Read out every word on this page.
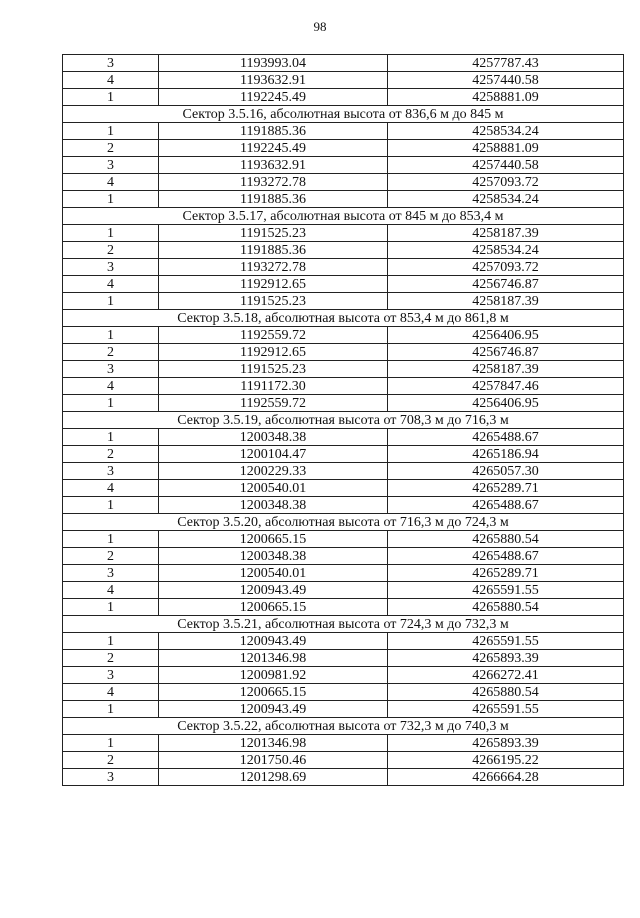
98
3	1193993.04	4257787.43
4	1193632.91	4257440.58
1	1192245.49	4258881.09
Сектор 3.5.16, абсолютная высота от 836,6 м до 845 м		
1	1191885.36	4258534.24
2	1192245.49	4258881.09
3	1193632.91	4257440.58
4	1193272.78	4257093.72
1	1191885.36	4258534.24
Сектор 3.5.17, абсолютная высота от 845 м до 853,4 м		
1	1191525.23	4258187.39
2	1191885.36	4258534.24
3	1193272.78	4257093.72
4	1192912.65	4256746.87
1	1191525.23	4258187.39
Сектор 3.5.18, абсолютная высота от 853,4 м до 861,8 м		
1	1192559.72	4256406.95
2	1192912.65	4256746.87
3	1191525.23	4258187.39
4	1191172.30	4257847.46
1	1192559.72	4256406.95
Сектор 3.5.19, абсолютная высота от 708,3 м до 716,3 м		
1	1200348.38	4265488.67
2	1200104.47	4265186.94
3	1200229.33	4265057.30
4	1200540.01	4265289.71
1	1200348.38	4265488.67
Сектор 3.5.20, абсолютная высота от 716,3 м до 724,3 м		
1	1200665.15	4265880.54
2	1200348.38	4265488.67
3	1200540.01	4265289.71
4	1200943.49	4265591.55
1	1200665.15	4265880.54
Сектор 3.5.21, абсолютная высота от 724,3 м до 732,3 м		
1	1200943.49	4265591.55
2	1201346.98	4265893.39
3	1200981.92	4266272.41
4	1200665.15	4265880.54
1	1200943.49	4265591.55
Сектор 3.5.22, абсолютная высота от 732,3 м до 740,3 м		
1	1201346.98	4265893.39
2	1201750.46	4266195.22
3	1201298.69	4266664.28
